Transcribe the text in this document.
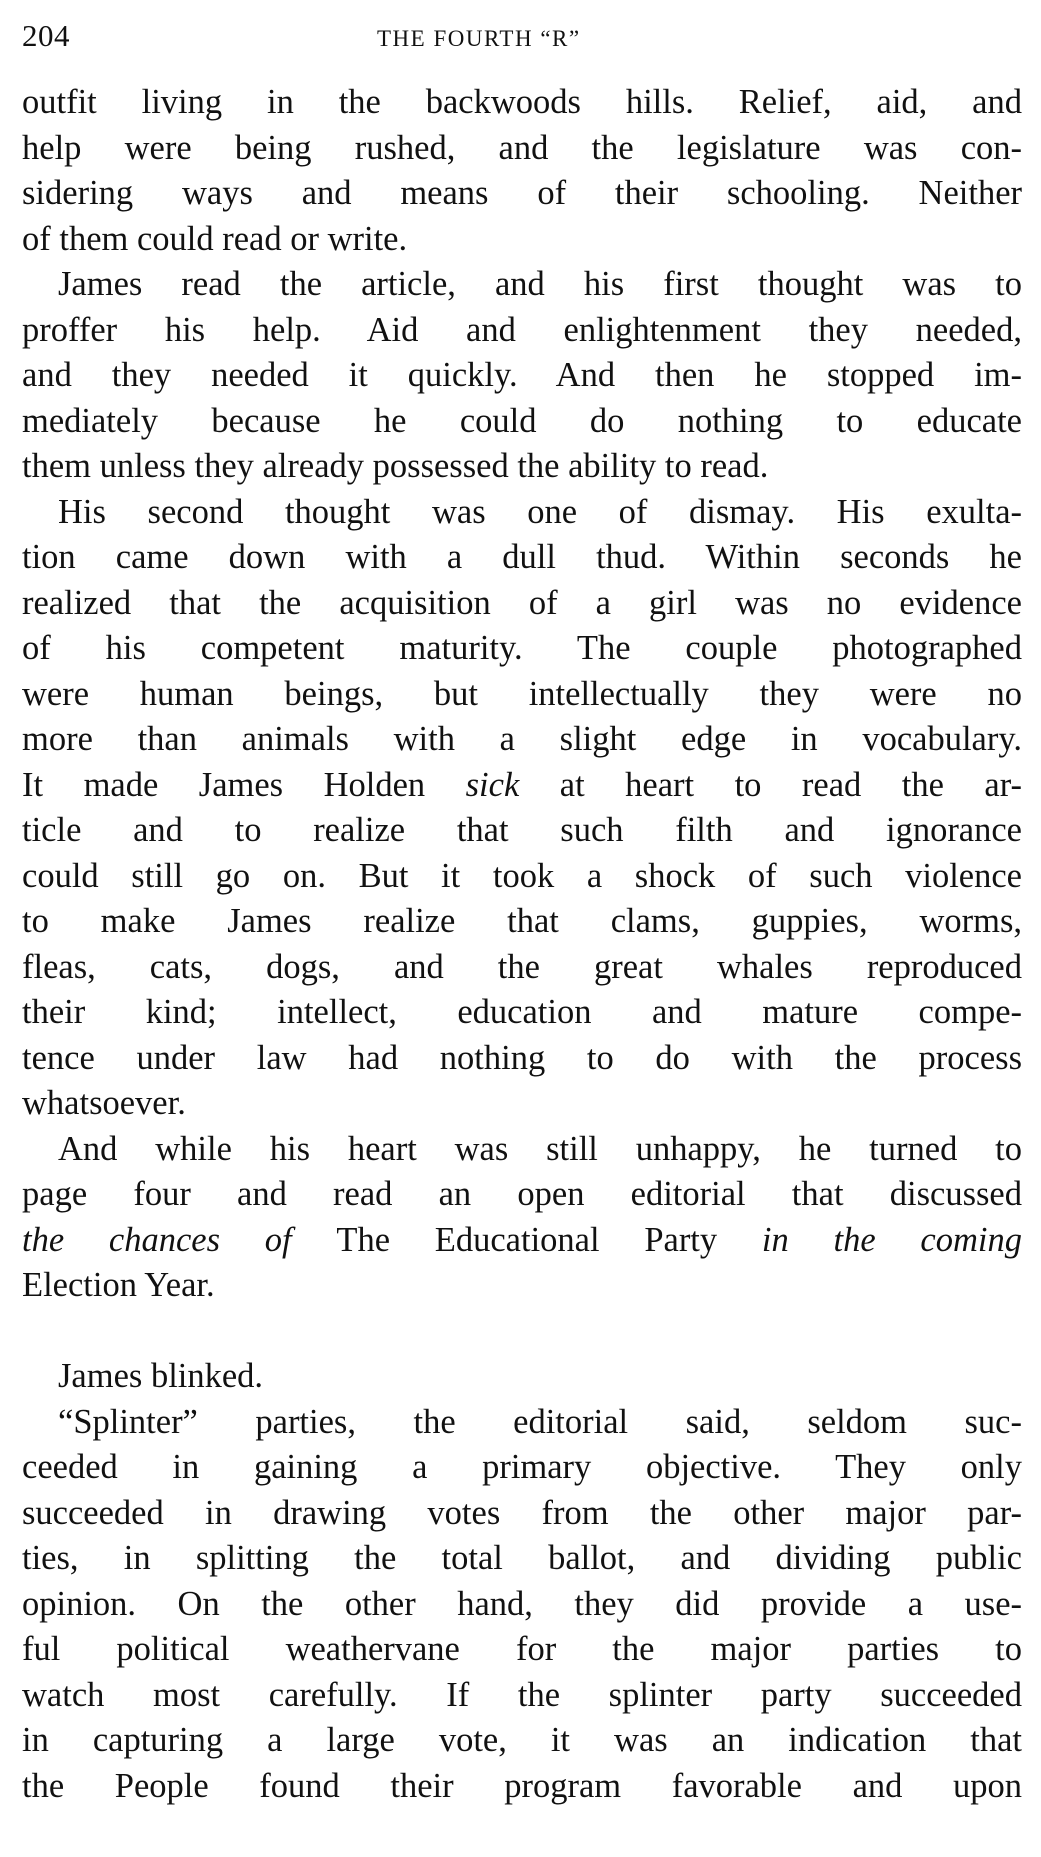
204	THE FOURTH “R”
outfit living in the backwoods hills. Relief, aid, and
help were being rushed, and the legislature was con-
sidering ways and means of their schooling. Neither
of them could read or write.
James read the article, and his first thought was to
proffer his help. Aid and enlightenment they needed,
and they needed it quickly. And then he stopped im-
mediately because he could do nothing to educate
them unless they already possessed the ability to read.
His second thought was one of dismay. His exulta-
tion came down with a dull thud. Within seconds he
realized that the acquisition of a girl was no evidence
of his competent maturity. The couple photographed
were human beings, but intellectually they were no
more than animals with a slight edge in vocabulary.
It made James Holden sick at heart to read the ar-
ticle and to realize that such filth and ignorance
could still go on. But it took a shock of such violence
to make James realize that clams, guppies, worms,
fleas, cats, dogs, and the great whales reproduced
their kind; intellect, education and mature compe-
tence under law had nothing to do with the process
whatsoever.
And while his heart was still unhappy, he turned to
page four and read an open editorial that discussed
the chances of The Educational Party in the coming
Election Year.
James blinked.
“Splinter” parties, the editorial said, seldom suc-
ceeded in gaining a primary objective. They only
succeeded in drawing votes from the other major par-
ties, in splitting the total ballot, and dividing public
opinion. On the other hand, they did provide a use-
ful political weathervane for the major parties to
watch most carefully. If the splinter party succeeded
in capturing a large vote, it was an indication that
the People found their program favorable and upon
